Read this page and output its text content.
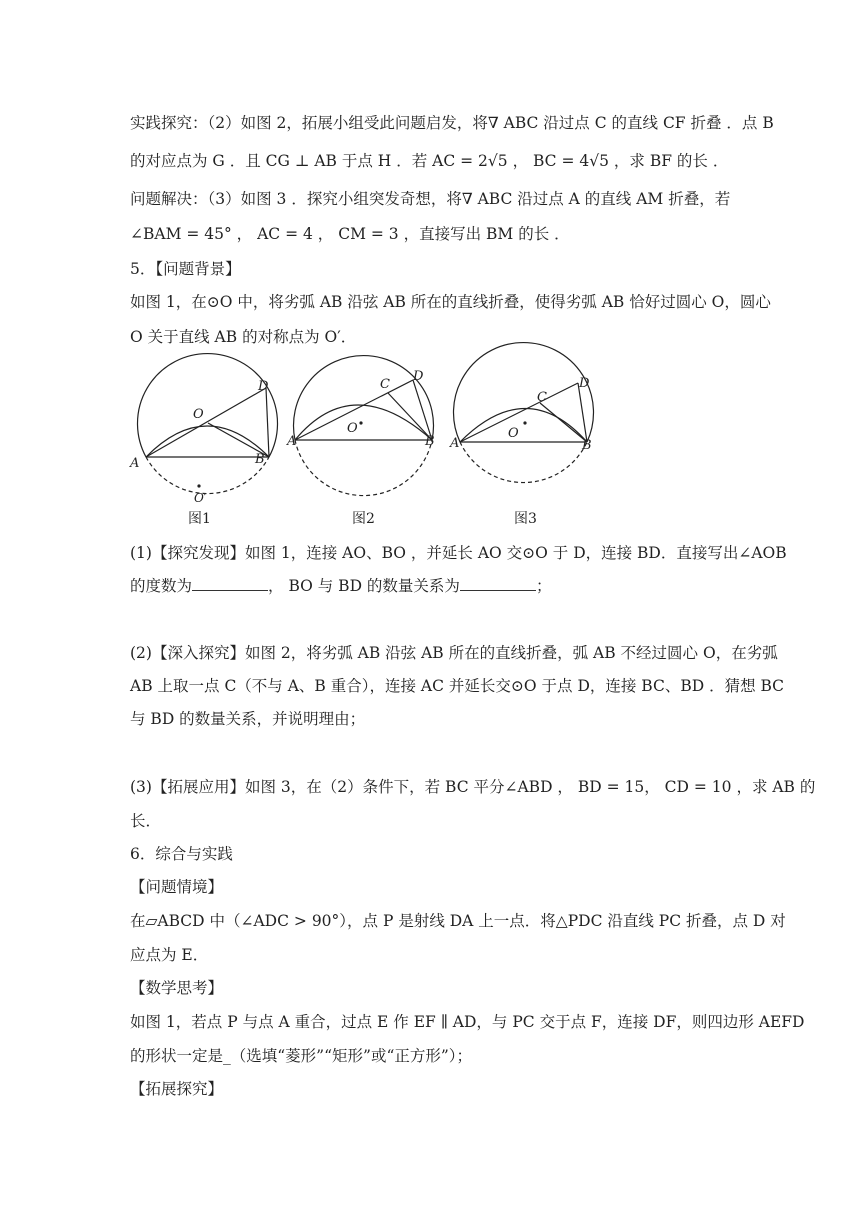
实践探究：（2）如图 2，拓展小组受此问题启发，将∇ ABC 沿过点 C 的直线 CF 折叠 ．点 B
的对应点为 G ．且 CG ⊥ AB 于点 H ．若 AC = 2√5 ， BC = 4√5 ，求 BF 的长 ．
问题解决：（3）如图 3 ．探究小组突发奇想，将∇ ABC 沿过点 A 的直线 AM 折叠，若
∠BAM = 45° ， AC = 4 ， CM = 3 ，直接写出 BM 的长 ．
5．【问题背景】
如图 1，在⊙O 中，将劣弧 AB 沿弦 AB 所在的直线折叠，使得劣弧 AB 恰好过圆心 O，圆心
O 关于直线 AB 的对称点为 O′．
D
O
A	B
O′
C
D
O
A	B
C
D
O
A	B
图1	图2	图3
(1)【探究发现】如图 1，连接 AO、BO ，并延长 AO 交⊙O 于 D，连接 BD．直接写出∠AOB
的度数为	， BO 与 BD 的数量关系为	；
(2)【深入探究】如图 2，将劣弧 AB 沿弦 AB 所在的直线折叠，弧 AB 不经过圆心 O，在劣弧
AB 上取一点 C（不与 A、B 重合），连接 AC 并延长交⊙O 于点 D，连接 BC、BD ．猜想 BC
与 BD 的数量关系，并说明理由；
(3)【拓展应用】如图 3，在（2）条件下，若 BC 平分∠ABD ， BD = 15， CD = 10 ，求 AB 的
长．
6．综合与实践
【问题情境】
在▱ABCD 中（∠ADC > 90°），点 P 是射线 DA 上一点．将△PDC 沿直线 PC 折叠，点 D 对
应点为 E．
【数学思考】
如图 1，若点 P 与点 A 重合，过点 E 作 EF ∥ AD，与 PC 交于点 F，连接 DF，则四边形 AEFD
的形状一定是_（选填“菱形”“矩形”或“正方形”）；
【拓展探究】
